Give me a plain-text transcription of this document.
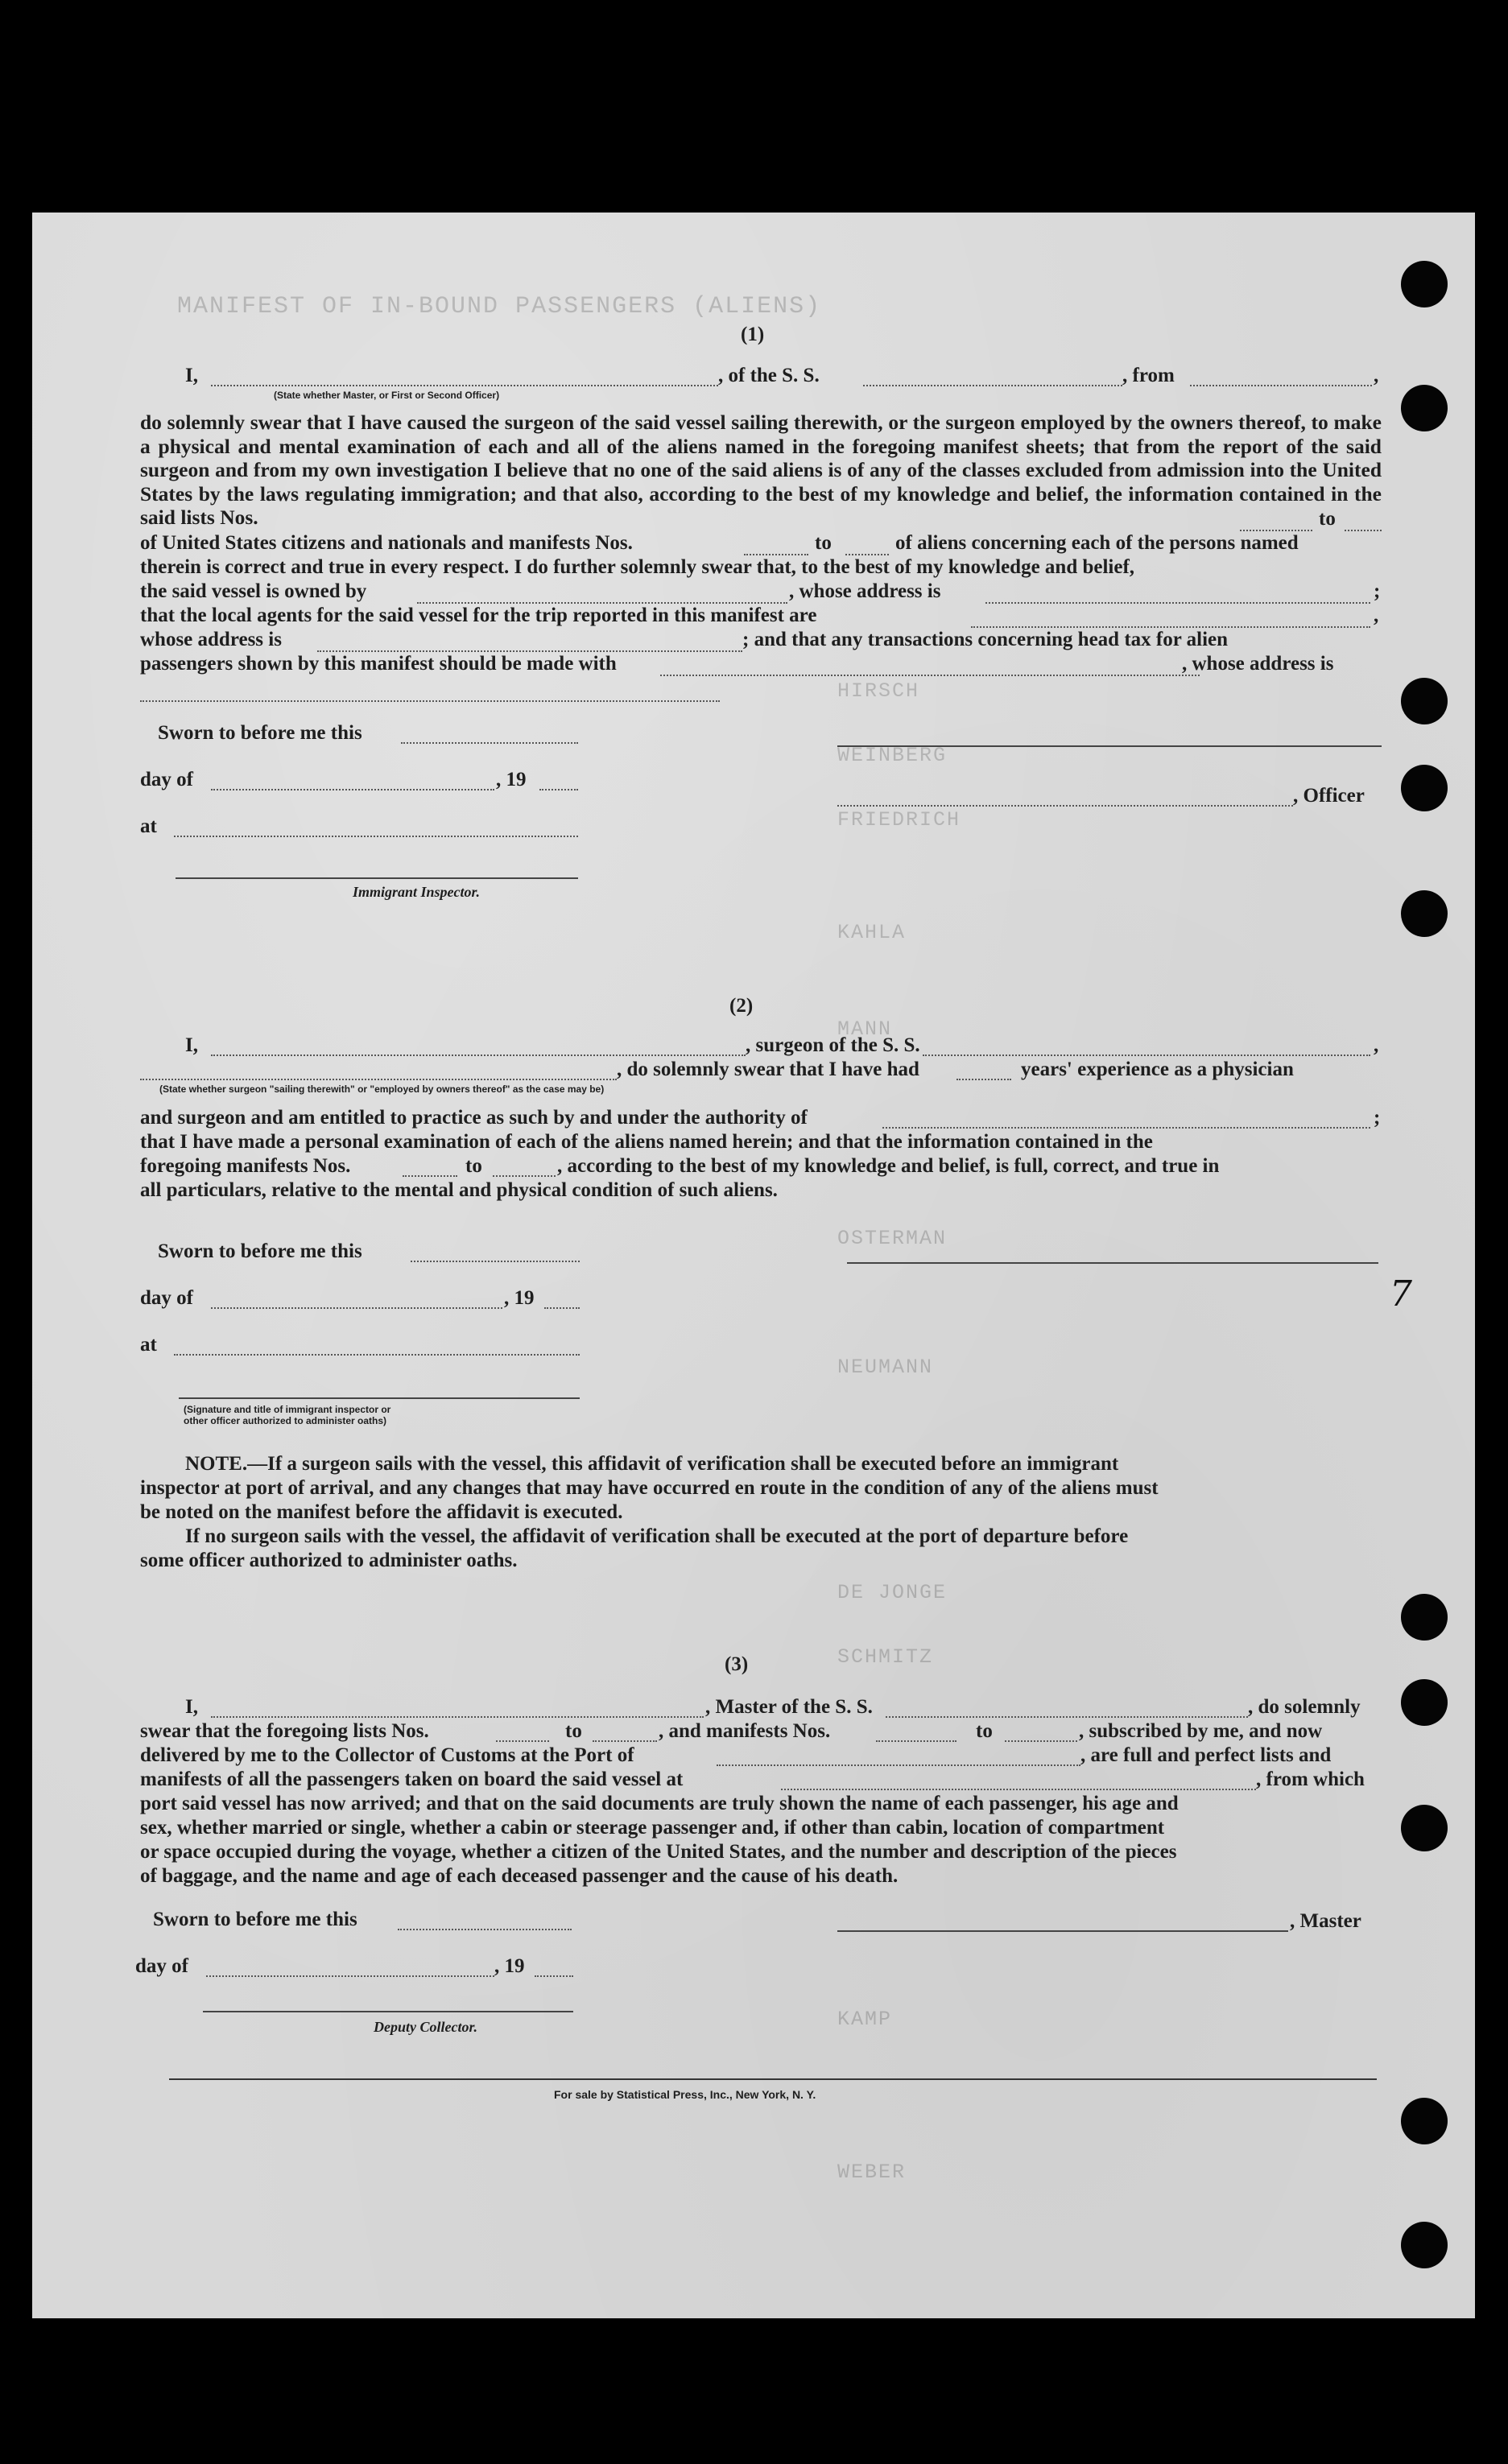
MANIFEST OF IN-BOUND PASSENGERS (ALIENS)
HIRSCH
WEINBERG
FRIEDRICH
KAHLA
MANN
OSTERMAN
NEUMANN
DE JONGE
SCHMITZ
KAMP
WEBER
(1)
I,
(State whether Master, or First or Second Officer)
, of the S. S.	, from	,
do solemnly swear that I have caused the surgeon of the said vessel sailing therewith, or the surgeon employed by the owners thereof, to make a physical and mental examination of each and all of the aliens named in the foregoing manifest sheets; that from the report of the said surgeon and from my own investigation I believe that no one of the said aliens is of any of the classes excluded from admission into the United States by the laws regulating immigration; and that also, according to the best of my knowledge and belief, the information contained in the said lists Nos.	to
of United States citizens and nationals and manifests Nos.	to	of aliens concerning each of the persons named
therein is correct and true in every respect. I do further solemnly swear that, to the best of my knowledge and belief,
the said vessel is owned by	, whose address is	;
that the local agents for the said vessel for the trip reported in this manifest are	,
whose address is	; and that any transactions concerning head tax for alien
passengers shown by this manifest should be made with	, whose address is
Sworn to before me this
day of	, 19
, Officer
at
Immigrant Inspector.
(2)
I,	, surgeon of the S. S.	,
, do solemnly swear that I have had	years' experience as a physician
(State whether surgeon "sailing therewith" or "employed by owners thereof" as the case may be)
and surgeon and am entitled to practice as such by and under the authority of	;
that I have made a personal examination of each of the aliens named herein; and that the information contained in the
foregoing manifests Nos.	to	, according to the best of my knowledge and belief, is full, correct, and true in
all particulars, relative to the mental and physical condition of such aliens.
Sworn to before me this
day of	, 19
at
(Signature and title of immigrant inspector or
other officer authorized to administer oaths)
NOTE.—If a surgeon sails with the vessel, this affidavit of verification shall be executed before an immigrant
inspector at port of arrival, and any changes that may have occurred en route in the condition of any of the aliens must
be noted on the manifest before the affidavit is executed.
If no surgeon sails with the vessel, the affidavit of verification shall be executed at the port of departure before
some officer authorized to administer oaths.
7
(3)
I,	, Master of the S. S.	, do solemnly
swear that the foregoing lists Nos.	to	, and manifests Nos.	to	, subscribed by me, and now
delivered by me to the Collector of Customs at the Port of	, are full and perfect lists and
manifests of all the passengers taken on board the said vessel at	, from which
port said vessel has now arrived; and that on the said documents are truly shown the name of each passenger, his age and
sex, whether married or single, whether a cabin or steerage passenger and, if other than cabin, location of compartment
or space occupied during the voyage, whether a citizen of the United States, and the number and description of the pieces
of baggage, and the name and age of each deceased passenger and the cause of his death.
Sworn to before me this	, Master
day of	, 19
Deputy Collector.
For sale by Statistical Press, Inc., New York, N. Y.
